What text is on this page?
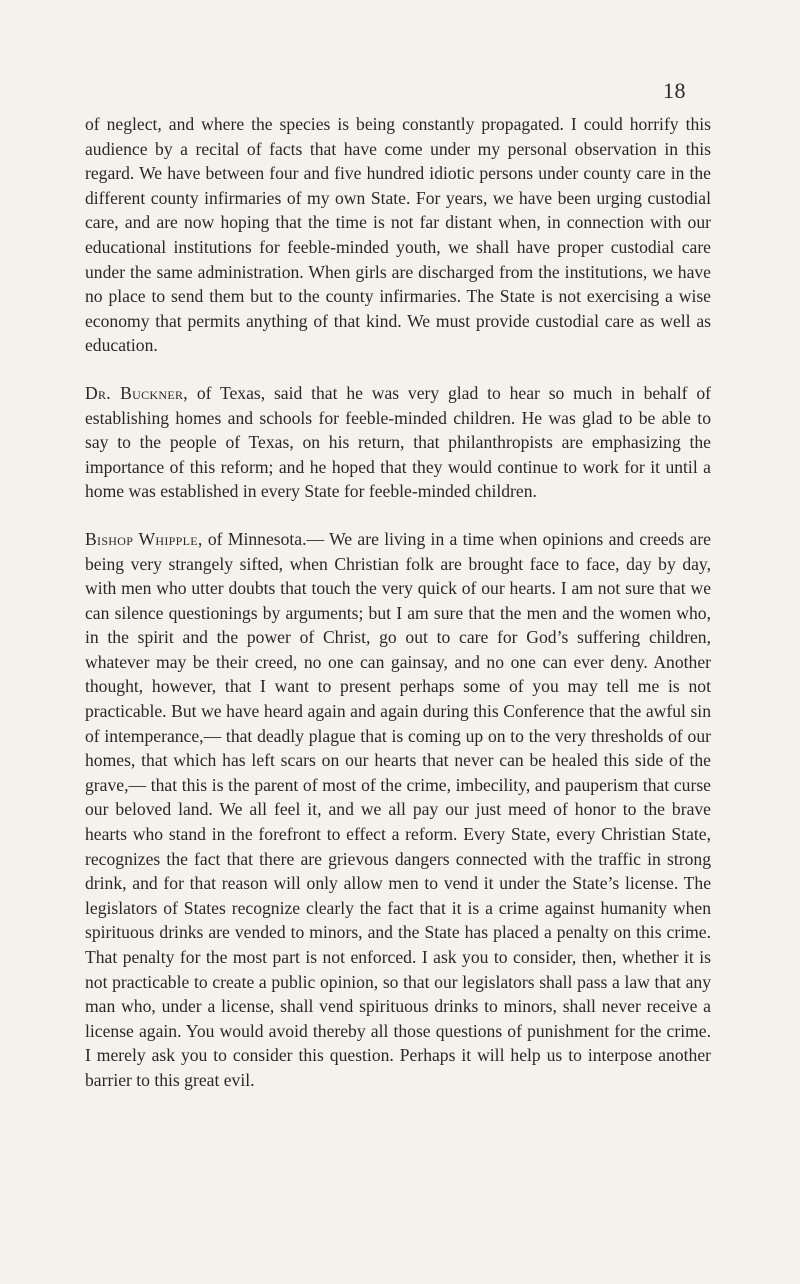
18

of neglect, and where the species is being constantly propagated. I could horrify this audience by a recital of facts that have come under my personal observation in this regard. We have between four and five hundred idiotic persons under county care in the different county infirmaries of my own State. For years, we have been urging custodial care, and are now hoping that the time is not far distant when, in connection with our educational institutions for feeble-minded youth, we shall have proper custodial care under the same administration. When girls are discharged from the institutions, we have no place to send them but to the county infirmaries. The State is not exercising a wise economy that permits anything of that kind. We must provide custodial care as well as education.

Dr. Buckner, of Texas, said that he was very glad to hear so much in behalf of establishing homes and schools for feeble-minded children. He was glad to be able to say to the people of Texas, on his return, that philanthropists are emphasizing the importance of this reform; and he hoped that they would continue to work for it until a home was established in every State for feeble-minded children.

Bishop Whipple, of Minnesota.— We are living in a time when opinions and creeds are being very strangely sifted, when Christian folk are brought face to face, day by day, with men who utter doubts that touch the very quick of our hearts. I am not sure that we can silence questionings by arguments; but I am sure that the men and the women who, in the spirit and the power of Christ, go out to care for God’s suffering children, whatever may be their creed, no one can gainsay, and no one can ever deny. Another thought, however, that I want to present perhaps some of you may tell me is not practicable. But we have heard again and again during this Conference that the awful sin of intemperance,— that deadly plague that is coming up on to the very thresholds of our homes, that which has left scars on our hearts that never can be healed this side of the grave,— that this is the parent of most of the crime, imbecility, and pauperism that curse our beloved land. We all feel it, and we all pay our just meed of honor to the brave hearts who stand in the forefront to effect a reform. Every State, every Christian State, recognizes the fact that there are grievous dangers connected with the traffic in strong drink, and for that reason will only allow men to vend it under the State’s license. The legislators of States recognize clearly the fact that it is a crime against humanity when spirituous drinks are vended to minors, and the State has placed a penalty on this crime. That penalty for the most part is not enforced. I ask you to consider, then, whether it is not practicable to create a public opinion, so that our legislators shall pass a law that any man who, under a license, shall vend spirituous drinks to minors, shall never receive a license again. You would avoid thereby all those questions of punishment for the crime. I merely ask you to consider this question. Perhaps it will help us to interpose another barrier to this great evil.
